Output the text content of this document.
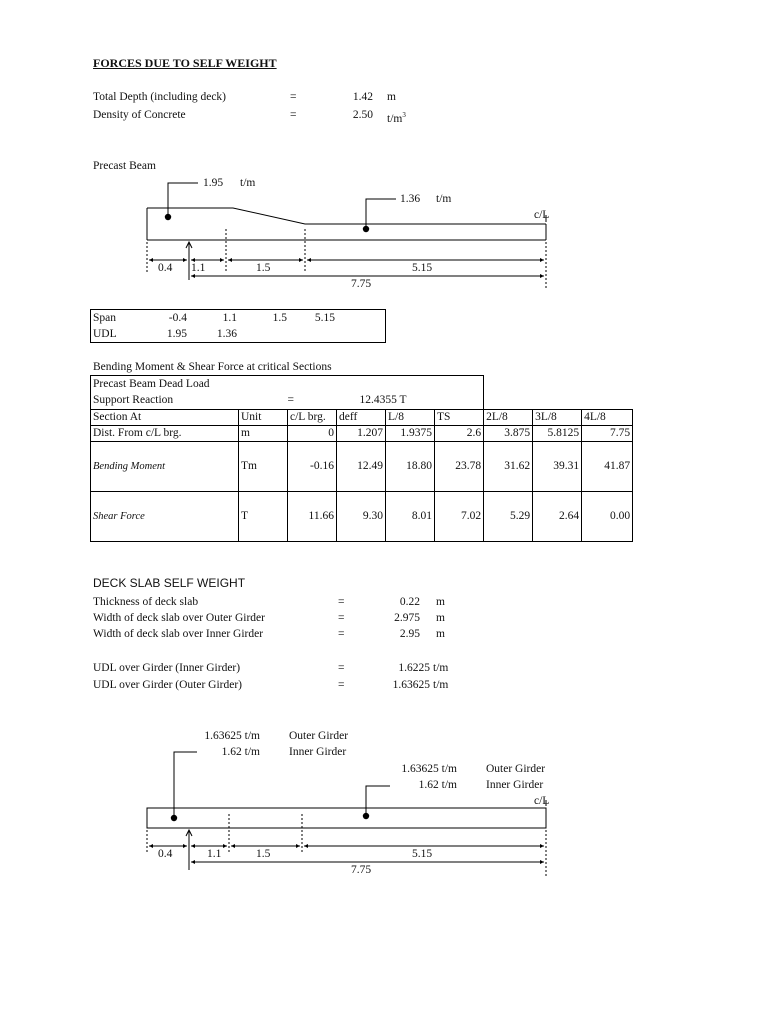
FORCES DUE TO SELF WEIGHT
Total Depth (including deck)	=	1.42 m
Density of Concrete	=	2.50 $t/m^3$
Precast Beam
1.95 t/m
1.36 t/m
c/L
0.4 1.1	1.5	5.15
7.75
Span	-0.4	1.1	1.5	5.15
UDL	1.95	1.36
Bending Moment & Shear Force at critical Sections
Precast Beam Dead Load								
Support Reaction		= 12.4355 T						
Section At	Unit	c/L brg.	deff	L/8	TS	2L/8	3L/8	4L/8
Dist. From c/L brg.	m	0	1.207	1.9375	2.6	3.875	5.8125	7.75
Bending Moment	Tm	-0.16	12.49	18.80	23.78	31.62	39.31	41.87
Shear Force	T	11.66	9.30	8.01	7.02	5.29	2.64	0.00
DECK SLAB SELF WEIGHT
Thickness of deck slab	=	0.22 m
Width of deck slab over Outer Girder	=	2.975 m
Width of deck slab over Inner Girder	=	2.95 m
UDL over Girder (Inner Girder)	=	1.6225 t/m
UDL over Girder (Outer Girder)	=	1.63625 t/m
1.63625 t/m	Outer Girder
1.62 t/m	Inner Girder
1.63625 t/m	Outer Girder
1.62 t/m	Inner Girder
c/L
0.4	1.1	1.5	5.15
7.75
